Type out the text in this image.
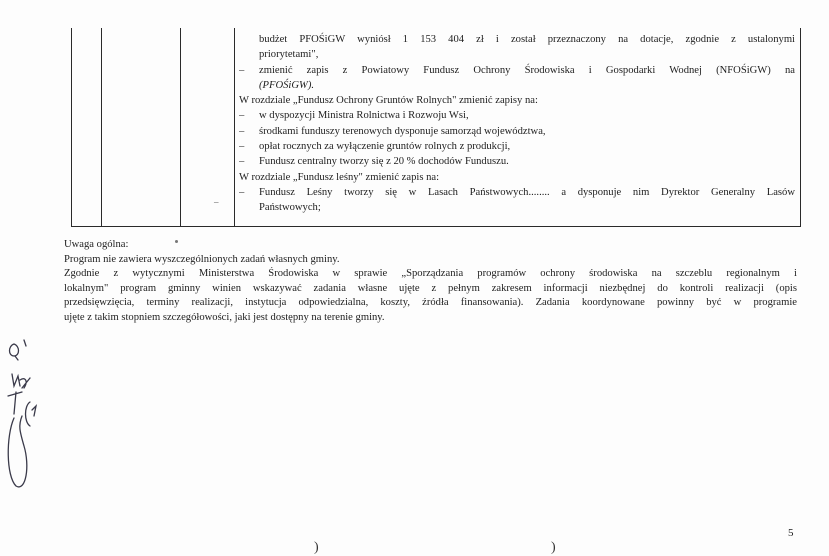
budżet PFOŚiGW wyniósł 1 153 404 zł i został przeznaczony na dotacje, zgodnie z ustalonymi
priorytetami",
–	zmienić zapis z Powiatowy Fundusz Ochrony Środowiska i Gospodarki Wodnej (NFOŚiGW) na
(PFOŚiGW).
W rozdziale „Fundusz Ochrony Gruntów Rolnych" zmienić zapisy na:
–	w dyspozycji Ministra Rolnictwa i Rozwoju Wsi,
–	środkami funduszy terenowych dysponuje samorząd województwa,
–	opłat rocznych za wyłączenie gruntów rolnych z produkcji,
–	Fundusz centralny tworzy się z 20 % dochodów Funduszu.
W rozdziale „Fundusz leśny" zmienić zapis na:
–	Fundusz Leśny tworzy się w Lasach Państwowych........ a dysponuje nim Dyrektor Generalny Lasów
Państwowych;
–
Uwaga ogólna:
Program nie zawiera wyszczególnionych zadań własnych gminy.
Zgodnie z wytycznymi Ministerstwa Środowiska w sprawie „Sporządzania programów ochrony środowiska na szczeblu regionalnym i
lokalnym" program gminny winien wskazywać zadania własne ujęte z pełnym zakresem informacji niezbędnej do kontroli realizacji (opis
przedsięwzięcia, terminy realizacji, instytucja odpowiedzialna, koszty, źródła finansowania). Zadania koordynowane powinny być w programie
ujęte z takim stopniem szczegółowości, jaki jest dostępny na terenie gminy.
5
)	)
